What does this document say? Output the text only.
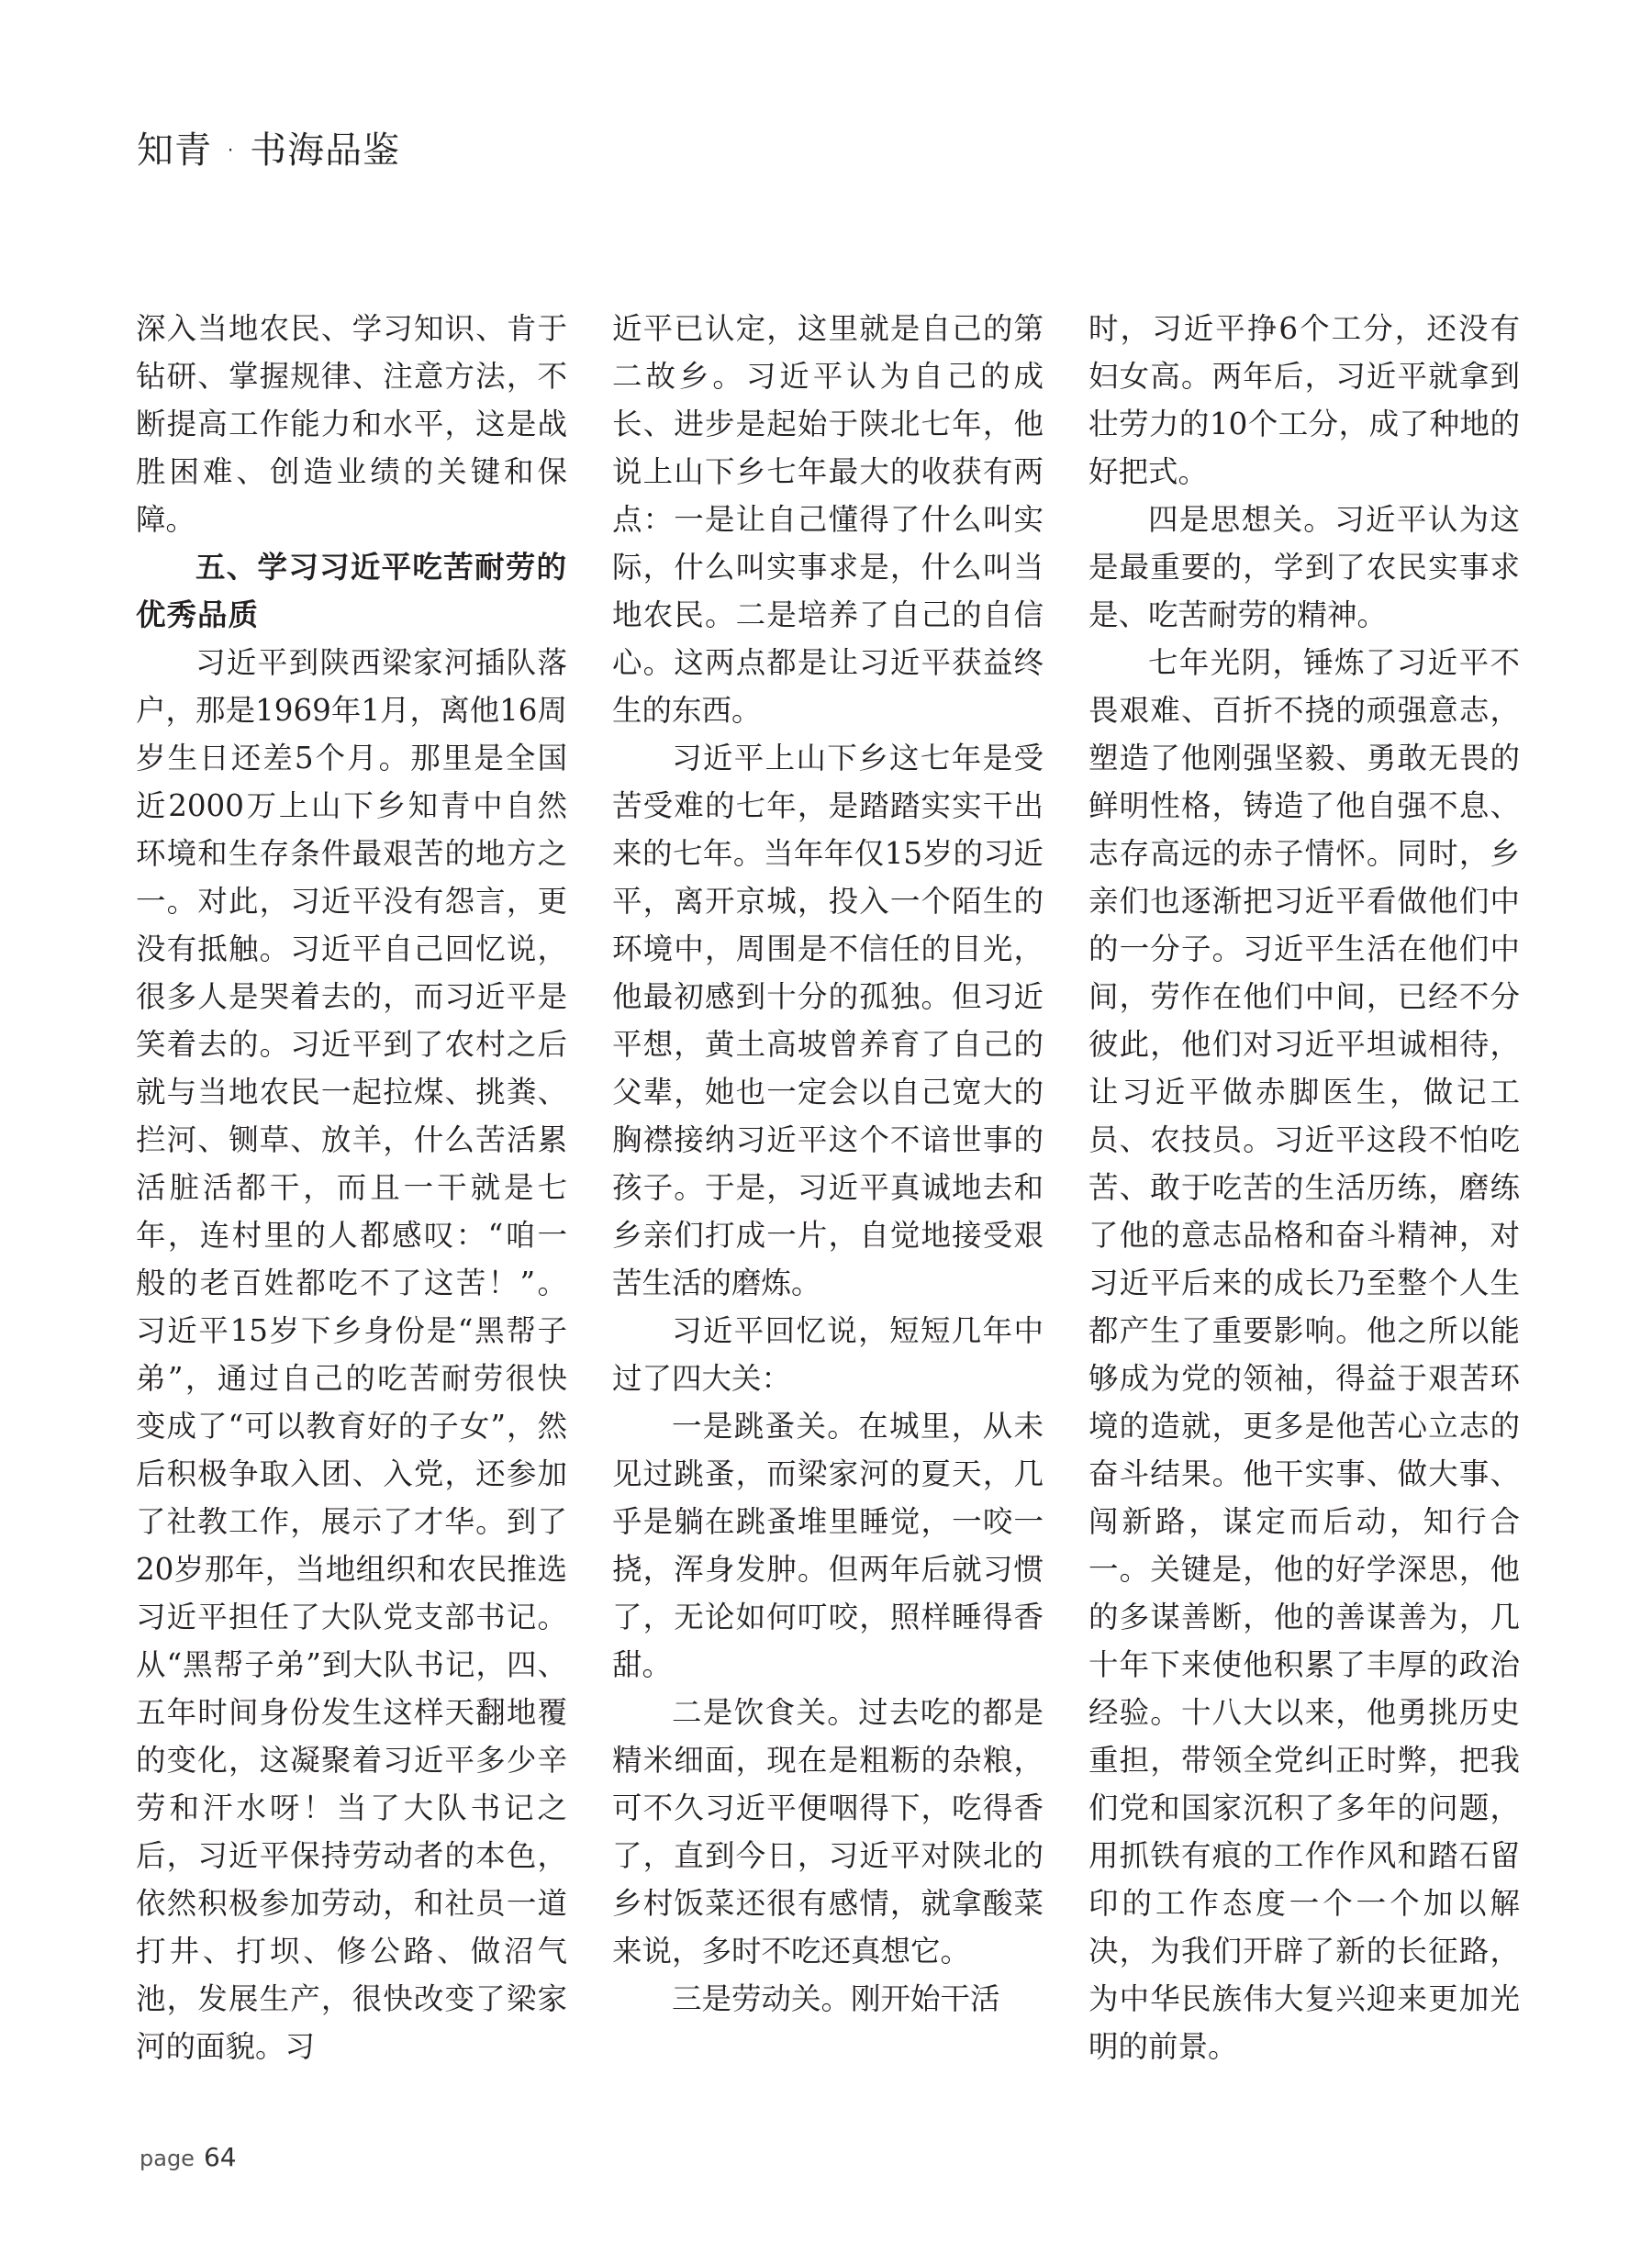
知青 · 书海品鉴

深入当地农民、学习知识、肯于钻研、掌握规律、注意方法，不断提高工作能力和水平，这是战胜困难、创造业绩的关键和保障。

五、学习习近平吃苦耐劳的优秀品质

习近平到陕西梁家河插队落户，那是1969年1月，离他16周岁生日还差5个月。那里是全国近2000万上山下乡知青中自然环境和生存条件最艰苦的地方之一。对此，习近平没有怨言，更没有抵触。习近平自己回忆说，很多人是哭着去的，而习近平是笑着去的。习近平到了农村之后就与当地农民一起拉煤、挑粪、拦河、铡草、放羊，什么苦活累活脏活都干，而且一干就是七年，连村里的人都感叹：“咱一般的老百姓都吃不了这苦！”。习近平15岁下乡身份是“黑帮子弟”，通过自己的吃苦耐劳很快变成了“可以教育好的子女”，然后积极争取入团、入党，还参加了社教工作，展示了才华。到了20岁那年，当地组织和农民推选习近平担任了大队党支部书记。从“黑帮子弟”到大队书记，四、五年时间身份发生这样天翻地覆的变化，这凝聚着习近平多少辛劳和汗水呀！当了大队书记之后，习近平保持劳动者的本色，依然积极参加劳动，和社员一道打井、打坝、修公路、做沼气池，发展生产，很快改变了梁家河的面貌。习

近平已认定，这里就是自己的第二故乡。习近平认为自己的成长、进步是起始于陕北七年，他说上山下乡七年最大的收获有两点：一是让自己懂得了什么叫实际，什么叫实事求是，什么叫当地农民。二是培养了自己的自信心。这两点都是让习近平获益终生的东西。

习近平上山下乡这七年是受苦受难的七年，是踏踏实实干出来的七年。当年年仅15岁的习近平，离开京城，投入一个陌生的环境中，周围是不信任的目光，他最初感到十分的孤独。但习近平想，黄土高坡曾养育了自己的父辈，她也一定会以自己宽大的胸襟接纳习近平这个不谙世事的孩子。于是，习近平真诚地去和乡亲们打成一片，自觉地接受艰苦生活的磨炼。

习近平回忆说，短短几年中过了四大关：

一是跳蚤关。在城里，从未见过跳蚤，而梁家河的夏天，几乎是躺在跳蚤堆里睡觉，一咬一挠，浑身发肿。但两年后就习惯了，无论如何叮咬，照样睡得香甜。

二是饮食关。过去吃的都是精米细面，现在是粗粝的杂粮，可不久习近平便咽得下，吃得香了，直到今日，习近平对陕北的乡村饭菜还很有感情，就拿酸菜来说，多时不吃还真想它。

三是劳动关。刚开始干活

时，习近平挣6个工分，还没有妇女高。两年后，习近平就拿到壮劳力的10个工分，成了种地的好把式。

四是思想关。习近平认为这是最重要的，学到了农民实事求是、吃苦耐劳的精神。

七年光阴，锤炼了习近平不畏艰难、百折不挠的顽强意志，塑造了他刚强坚毅、勇敢无畏的鲜明性格，铸造了他自强不息、志存高远的赤子情怀。同时，乡亲们也逐渐把习近平看做他们中的一分子。习近平生活在他们中间，劳作在他们中间，已经不分彼此，他们对习近平坦诚相待，让习近平做赤脚医生，做记工员、农技员。习近平这段不怕吃苦、敢于吃苦的生活历练，磨练了他的意志品格和奋斗精神，对习近平后来的成长乃至整个人生都产生了重要影响。他之所以能够成为党的领袖，得益于艰苦环境的造就，更多是他苦心立志的奋斗结果。他干实事、做大事、闯新路，谋定而后动，知行合一。关键是，他的好学深思，他的多谋善断，他的善谋善为，几十年下来使他积累了丰厚的政治经验。十八大以来，他勇挑历史重担，带领全党纠正时弊，把我们党和国家沉积了多年的问题，用抓铁有痕的工作作风和踏石留印的工作态度一个一个加以解决，为我们开辟了新的长征路，为中华民族伟大复兴迎来更加光明的前景。

page 64
